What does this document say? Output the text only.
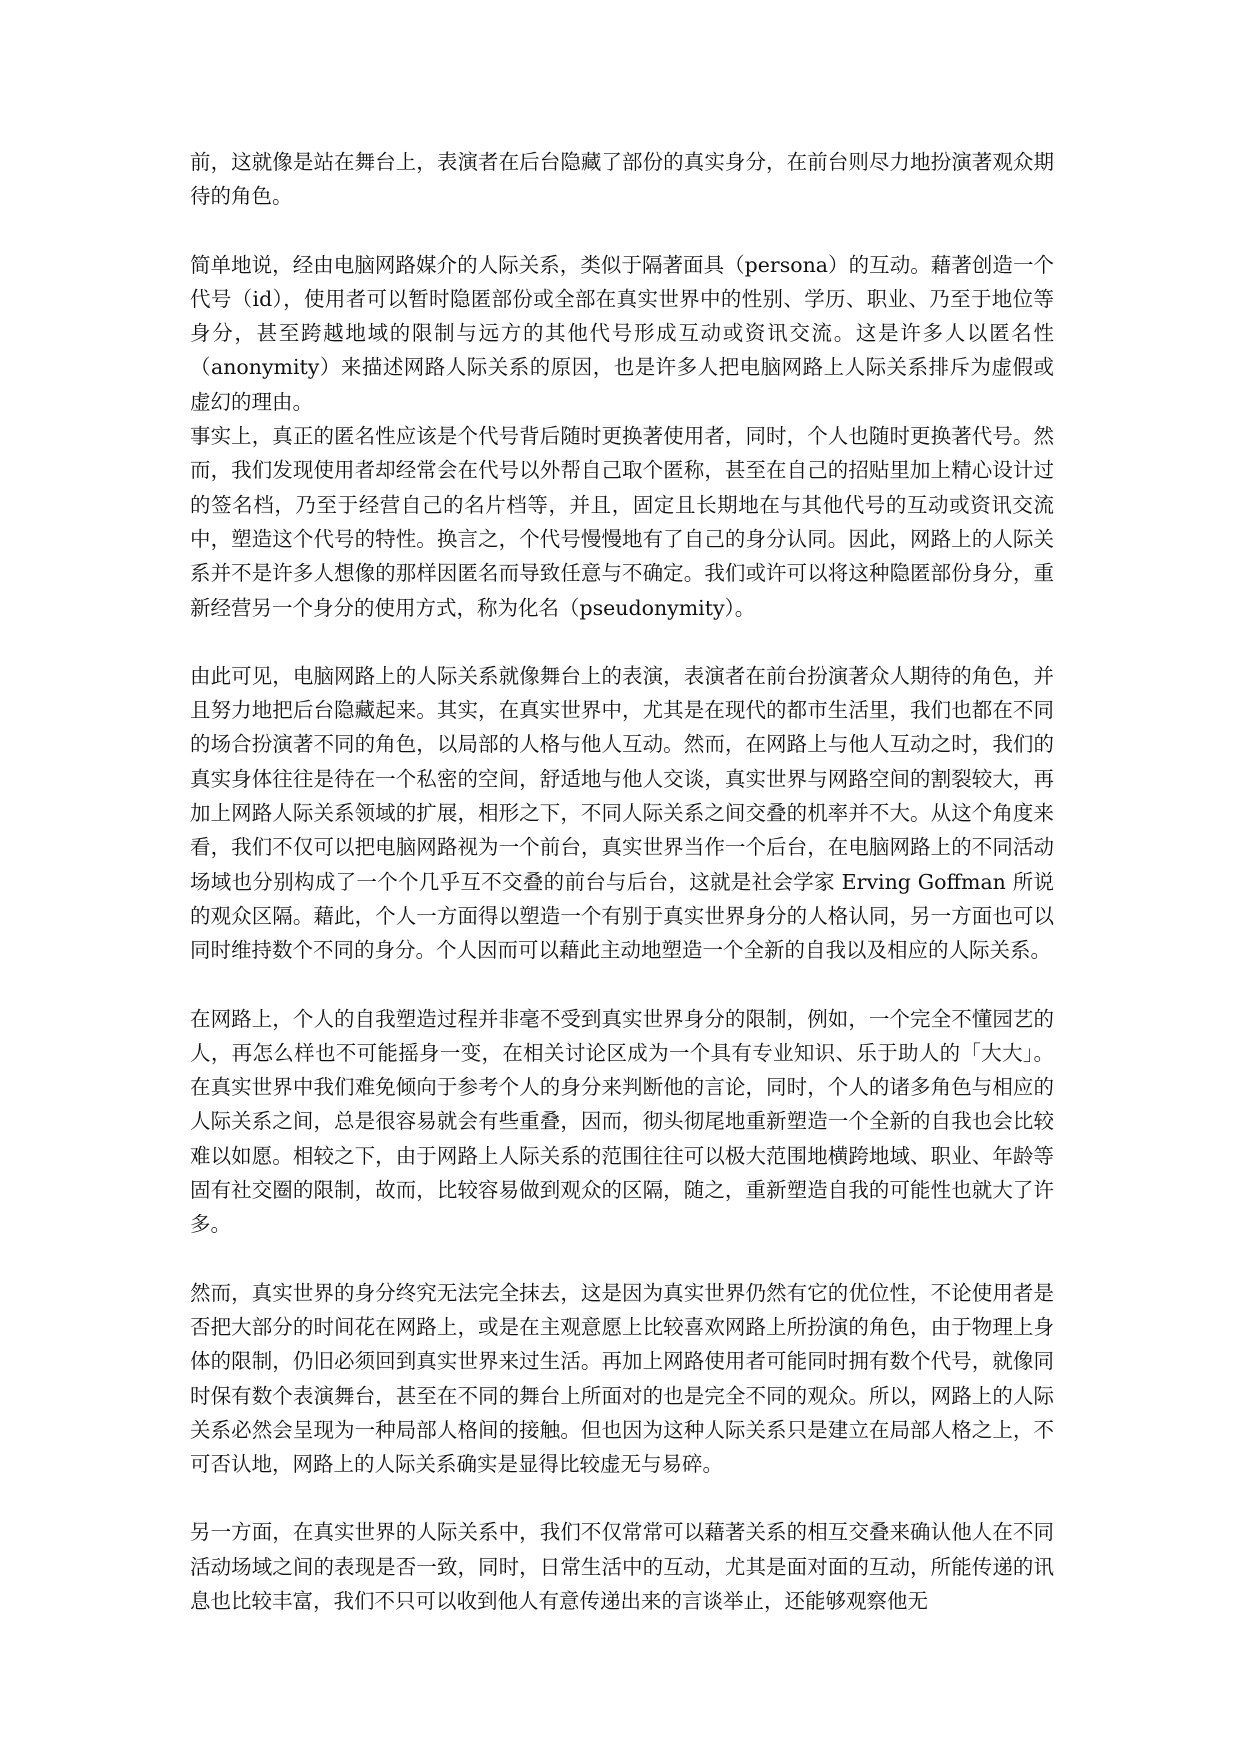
前，这就像是站在舞台上，表演者在后台隐藏了部份的真实身分，在前台则尽力地扮演著观众期待的角色。

简单地说，经由电脑网路媒介的人际关系，类似于隔著面具（persona）的互动。藉著创造一个代号（id），使用者可以暂时隐匿部份或全部在真实世界中的性别、学历、职业、乃至于地位等身分，甚至跨越地域的限制与远方的其他代号形成互动或资讯交流。这是许多人以匿名性（anonymity）来描述网路人际关系的原因，也是许多人把电脑网路上人际关系排斥为虚假或虚幻的理由。

事实上，真正的匿名性应该是个代号背后随时更换著使用者，同时，个人也随时更换著代号。然而，我们发现使用者却经常会在代号以外帮自己取个匿称，甚至在自己的招贴里加上精心设计过的签名档，乃至于经营自己的名片档等，并且，固定且长期地在与其他代号的互动或资讯交流中，塑造这个代号的特性。换言之，个代号慢慢地有了自己的身分认同。因此，网路上的人际关系并不是许多人想像的那样因匿名而导致任意与不确定。我们或许可以将这种隐匿部份身分，重新经营另一个身分的使用方式，称为化名（pseudonymity）。

由此可见，电脑网路上的人际关系就像舞台上的表演，表演者在前台扮演著众人期待的角色，并且努力地把后台隐藏起来。其实，在真实世界中，尤其是在现代的都市生活里，我们也都在不同的场合扮演著不同的角色，以局部的人格与他人互动。然而，在网路上与他人互动之时，我们的真实身体往往是待在一个私密的空间，舒适地与他人交谈，真实世界与网路空间的割裂较大，再加上网路人际关系领域的扩展，相形之下，不同人际关系之间交叠的机率并不大。从这个角度来看，我们不仅可以把电脑网路视为一个前台，真实世界当作一个后台，在电脑网路上的不同活动场域也分别构成了一个个几乎互不交叠的前台与后台，这就是社会学家 Erving Goffman 所说的观众区隔。藉此，个人一方面得以塑造一个有别于真实世界身分的人格认同，另一方面也可以同时维持数个不同的身分。个人因而可以藉此主动地塑造一个全新的自我以及相应的人际关系。

在网路上，个人的自我塑造过程并非毫不受到真实世界身分的限制，例如，一个完全不懂园艺的人，再怎么样也不可能摇身一变，在相关讨论区成为一个具有专业知识、乐于助人的「大大」。在真实世界中我们难免倾向于参考个人的身分来判断他的言论，同时，个人的诸多角色与相应的人际关系之间，总是很容易就会有些重叠，因而，彻头彻尾地重新塑造一个全新的自我也会比较难以如愿。相较之下，由于网路上人际关系的范围往往可以极大范围地横跨地域、职业、年龄等固有社交圈的限制，故而，比较容易做到观众的区隔，随之，重新塑造自我的可能性也就大了许多。

然而，真实世界的身分终究无法完全抹去，这是因为真实世界仍然有它的优位性，不论使用者是否把大部分的时间花在网路上，或是在主观意愿上比较喜欢网路上所扮演的角色，由于物理上身体的限制，仍旧必须回到真实世界来过生活。再加上网路使用者可能同时拥有数个代号，就像同时保有数个表演舞台，甚至在不同的舞台上所面对的也是完全不同的观众。所以，网路上的人际关系必然会呈现为一种局部人格间的接触。但也因为这种人际关系只是建立在局部人格之上，不可否认地，网路上的人际关系确实是显得比较虚无与易碎。

另一方面，在真实世界的人际关系中，我们不仅常常可以藉著关系的相互交叠来确认他人在不同活动场域之间的表现是否一致，同时，日常生活中的互动，尤其是面对面的互动，所能传递的讯息也比较丰富，我们不只可以收到他人有意传递出来的言谈举止，还能够观察他无
